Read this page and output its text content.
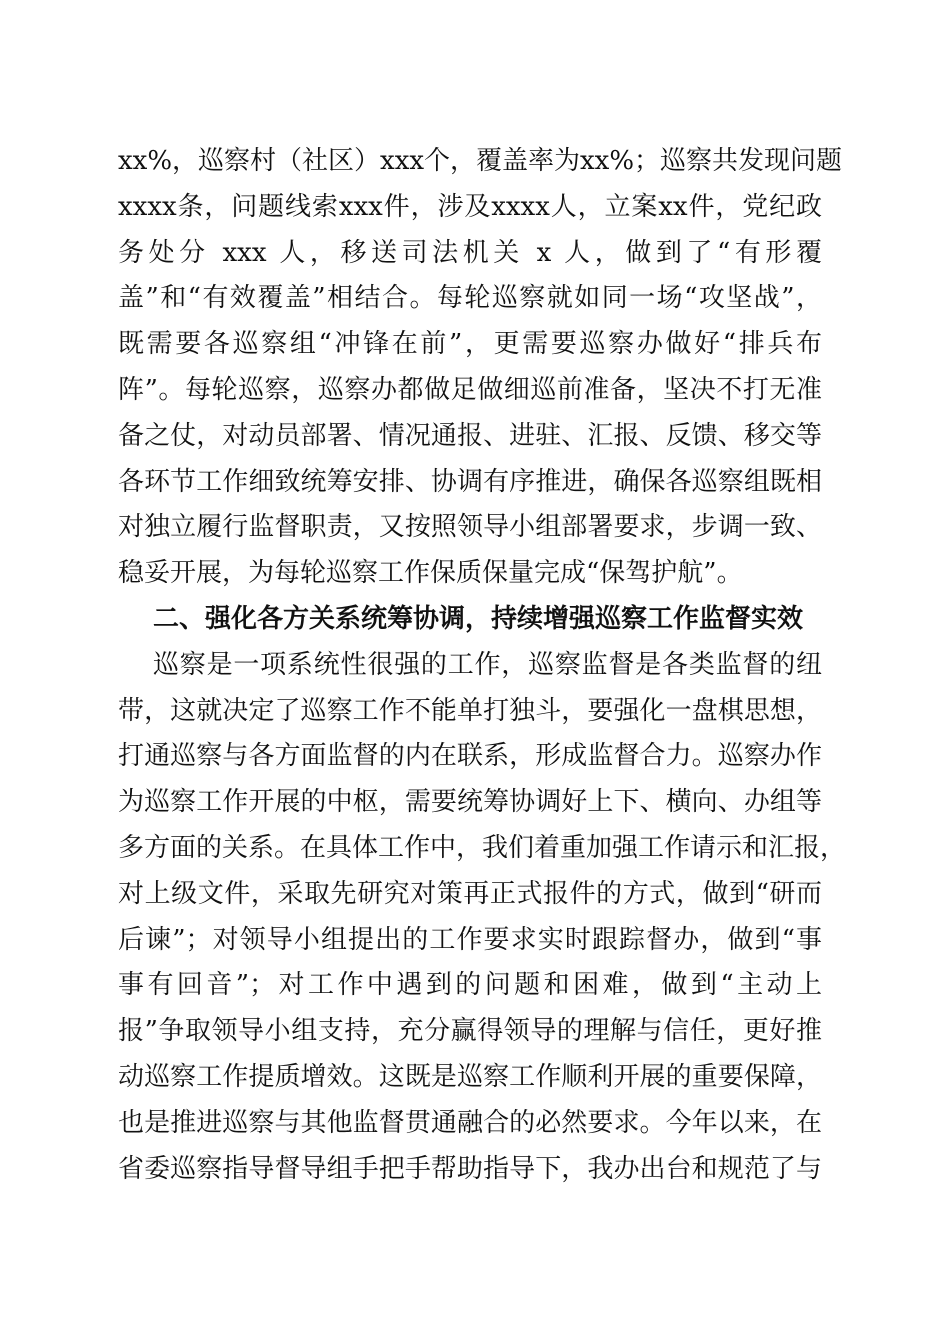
xx%，巡察村（社区）xxx个，覆盖率为xx%；巡察共发现问题
xxxx条，问题线索xxx件，涉及xxxx人，立案xx件，党纪政
务处分 xxx 人，移送司法机关 x 人，做到了“有形覆
盖”和“有效覆盖”相结合。每轮巡察就如同一场“攻坚战”，
既需要各巡察组“冲锋在前”，更需要巡察办做好“排兵布
阵”。每轮巡察，巡察办都做足做细巡前准备，坚决不打无准
备之仗，对动员部署、情况通报、进驻、汇报、反馈、移交等
各环节工作细致统筹安排、协调有序推进，确保各巡察组既相
对独立履行监督职责，又按照领导小组部署要求，步调一致、
稳妥开展，为每轮巡察工作保质保量完成“保驾护航”。
二、强化各方关系统筹协调，持续增强巡察工作监督实效
巡察是一项系统性很强的工作，巡察监督是各类监督的纽
带，这就决定了巡察工作不能单打独斗，要强化一盘棋思想，
打通巡察与各方面监督的内在联系，形成监督合力。巡察办作
为巡察工作开展的中枢，需要统筹协调好上下、横向、办组等
多方面的关系。在具体工作中，我们着重加强工作请示和汇报，
对上级文件，采取先研究对策再正式报件的方式，做到“研而
后谏”；对领导小组提出的工作要求实时跟踪督办，做到“事
事有回音”；对工作中遇到的问题和困难，做到“主动上
报”争取领导小组支持，充分赢得领导的理解与信任，更好推
动巡察工作提质增效。这既是巡察工作顺利开展的重要保障，
也是推进巡察与其他监督贯通融合的必然要求。今年以来，在
省委巡察指导督导组手把手帮助指导下，我办出台和规范了与
